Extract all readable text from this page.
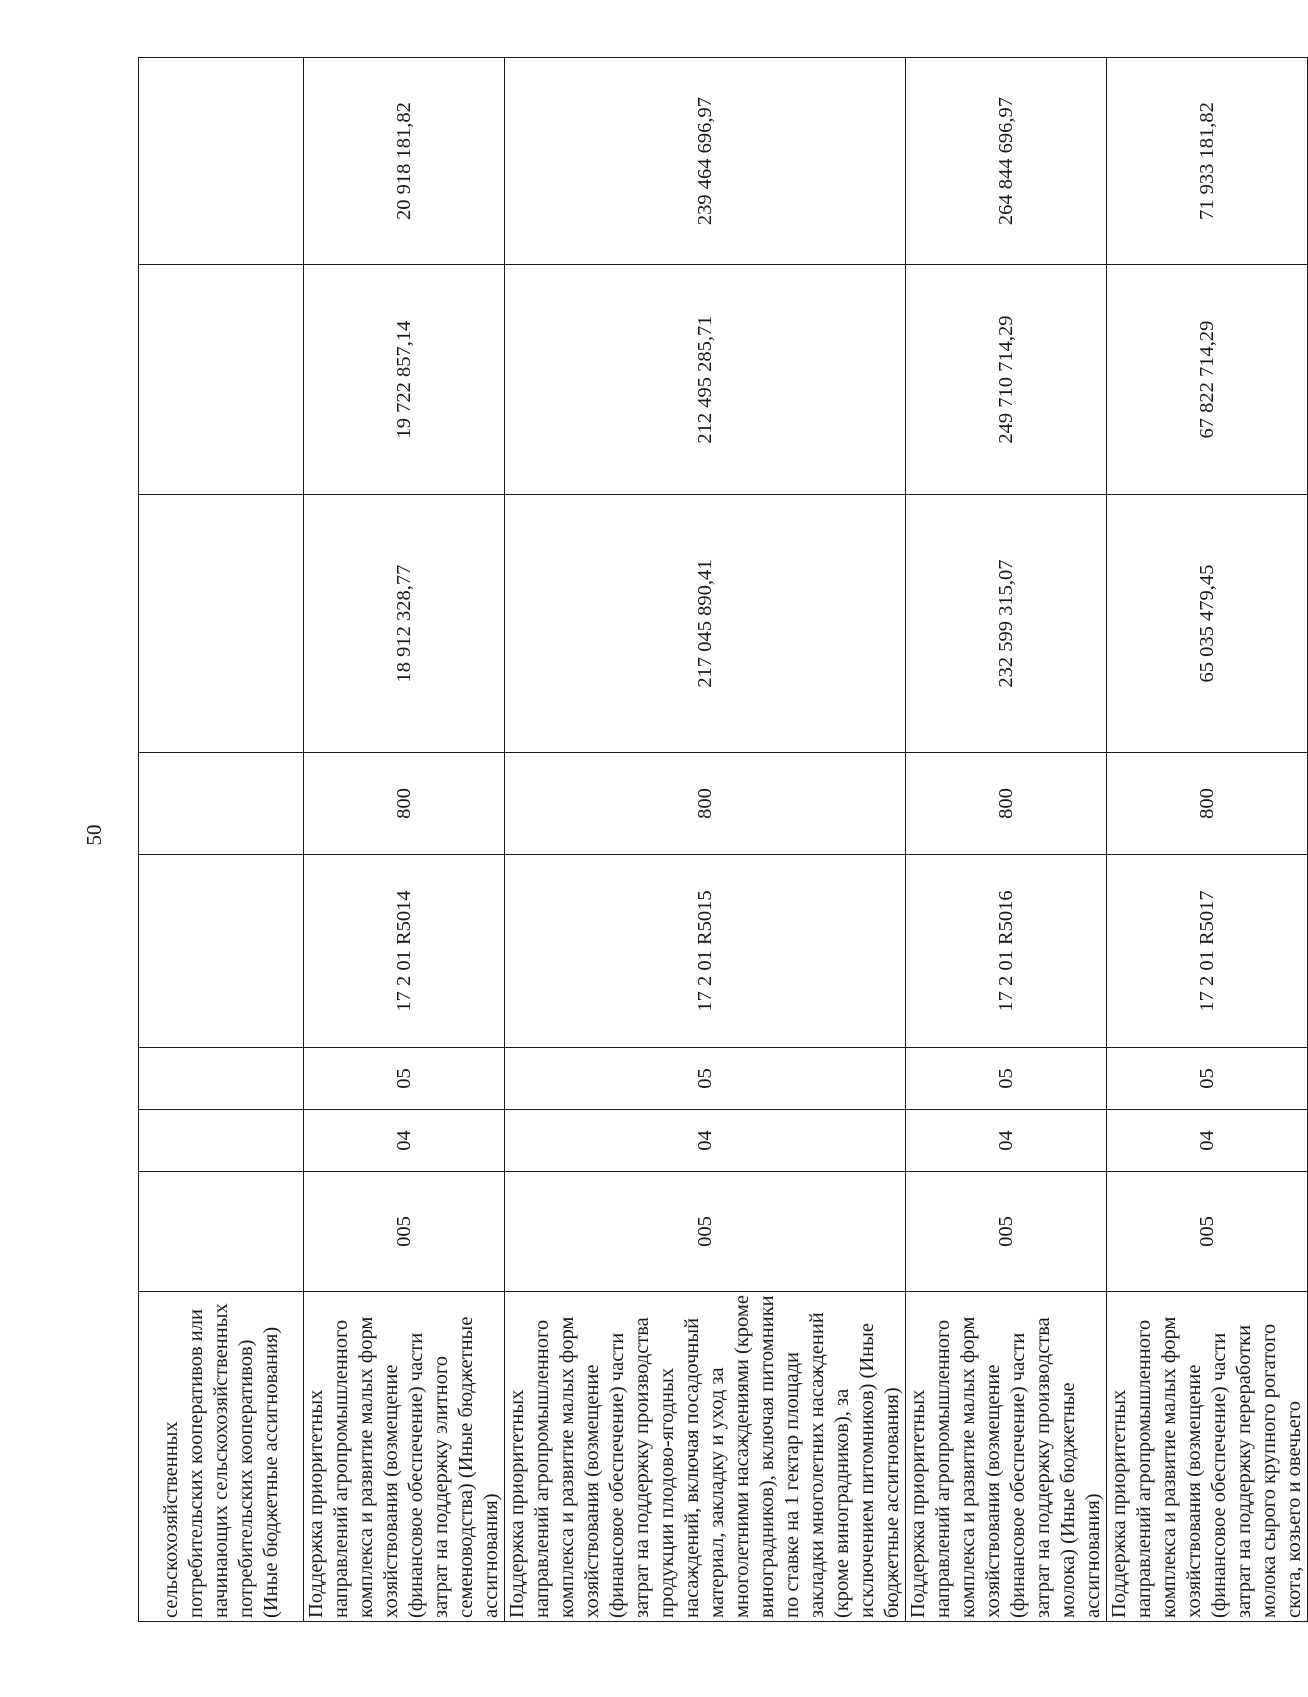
50
сельскохозяйственных потребительских кооперативов или начинающих сельскохозяйственных потребительских кооперативов) (Иные бюджетные ассигнования)								

Поддержка приоритетных направлений агропромышленного комплекса и развитие малых форм хозяйствования (возмещение (финансовое обеспечение) части затрат на поддержку элитного семеноводства) (Иные бюджетные ассигнования)	005	04	05	17 2 01 R5014	800	18 912 328,77	19 722 857,14	20 918 181,82

Поддержка приоритетных направлений агропромышленного комплекса и развитие малых форм хозяйствования (возмещение (финансовое обеспечение) части затрат на поддержку производства продукции плодово-ягодных насаждений, включая посадочный материал, закладку и уход за многолетними насаждениями (кроме виноградников), включая питомники по ставке на 1 гектар площади закладки многолетних насаждений (кроме виноградников), за исключением питомников) (Иные бюджетные ассигнования)	005	04	05	17 2 01 R5015	800	217 045 890,41	212 495 285,71	239 464 696,97

Поддержка приоритетных направлений агропромышленного комплекса и развитие малых форм хозяйствования (возмещение (финансовое обеспечение) части затрат на поддержку производства молока) (Иные бюджетные ассигнования)	005	04	05	17 2 01 R5016	800	232 599 315,07	249 710 714,29	264 844 696,97

Поддержка приоритетных направлений агропромышленного комплекса и развитие малых форм хозяйствования (возмещение (финансовое обеспечение) части затрат на поддержку переработки молока сырого крупного рогатого скота, козьего и овечьего	005	04	05	17 2 01 R5017	800	65 035 479,45	67 822 714,29	71 933 181,82
